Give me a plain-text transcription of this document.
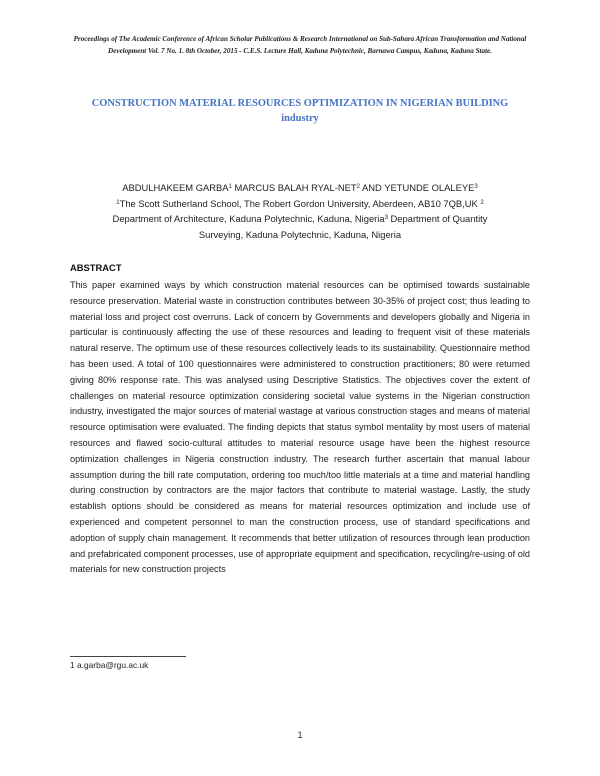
Proceedings of The Academic Conference of African Scholar Publications & Research International on Sub-Sahara African Transformation and National Development Vol. 7 No. 1. 8th October, 2015 - C.E.S. Lecture Hall, Kaduna Polytechnic, Barnawa Campus, Kaduna, Kaduna State.
CONSTRUCTION MATERIAL RESOURCES OPTIMIZATION IN NIGERIAN BUILDING
industry
ABDULHAKEEM GARBA$^1$ MARCUS BALAH RYAL-NET$^2$ AND YETUNDE OLALEYE$^3$
$^1$The Scott Sutherland School, The Robert Gordon University, Aberdeen, AB10 7QB,UK $^2$
Department of Architecture, Kaduna Polytechnic, Kaduna, Nigeria$^3$ Department of Quantity
Surveying, Kaduna Polytechnic, Kaduna, Nigeria
ABSTRACT
This paper examined ways by which construction material resources can be optimised towards sustainable resource preservation. Material waste in construction contributes between 30-35% of project cost; thus leading to material loss and project cost overruns. Lack of concern by Governments and developers globally and Nigeria in particular is continuously affecting the use of these resources and leading to frequent visit of these materials natural reserve. The optimum use of these resources collectively leads to its sustainability. Questionnaire method has been used. A total of 100 questionnaires were administered to construction practitioners; 80 were returned giving 80% response rate. This was analysed using Descriptive Statistics. The objectives cover the extent of challenges on material resource optimization considering societal value systems in the Nigerian construction industry, investigated the major sources of material wastage at various construction stages and means of material resource optimisation were evaluated. The finding depicts that status symbol mentality by most users of material resources and flawed socio-cultural attitudes to material resource usage have been the highest resource optimization challenges in Nigeria construction industry. The research further ascertain that manual labour assumption during the bill rate computation, ordering too much/too little materials at a time and material handling during construction by contractors are the major factors that contribute to material wastage. Lastly, the study establish options should be considered as means for material resources optimization and include use of experienced and competent personnel to man the construction process, use of standard specifications and adoption of supply chain management. It recommends that better utilization of resources through lean production and prefabricated component processes, use of appropriate equipment and specification, recycling/re-using of old materials for new construction projects
1 a.garba@rgu.ac.uk
1
